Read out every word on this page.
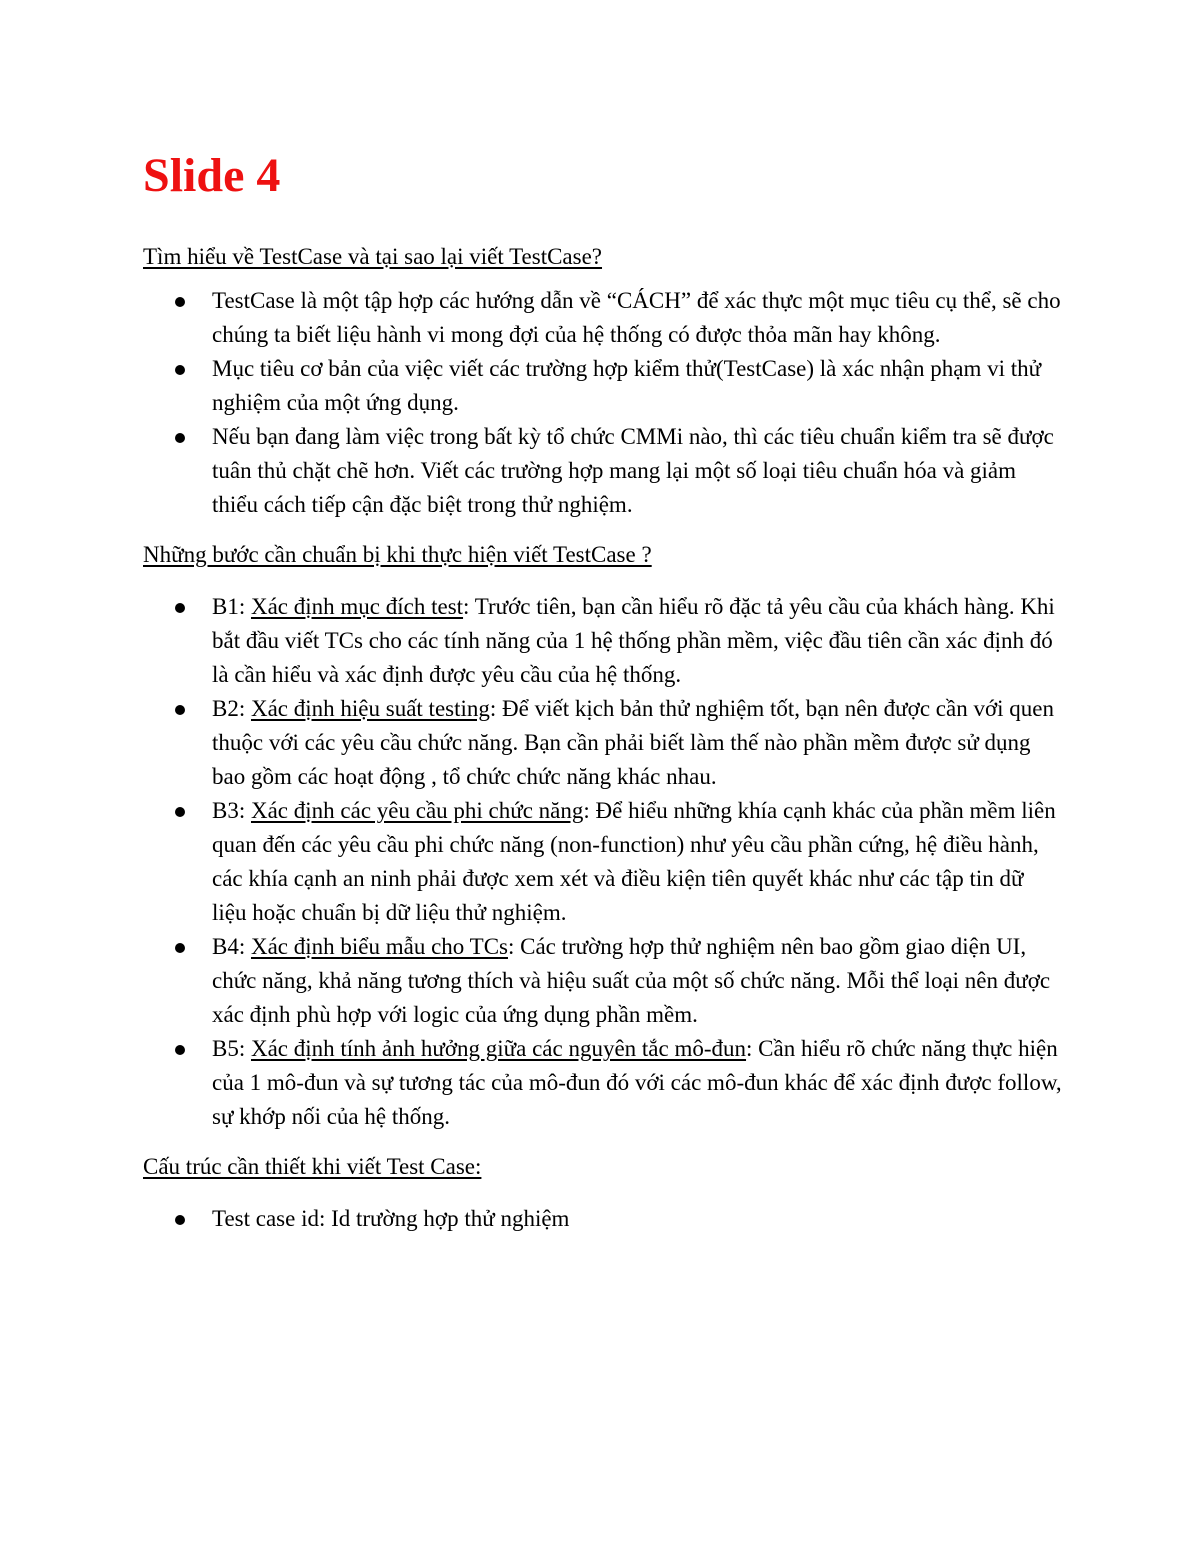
Slide 4

Tìm hiểu về TestCase và tại sao lại viết TestCase?

TestCase là một tập hợp các hướng dẫn về “CÁCH” để xác thực một mục tiêu cụ thể, sẽ cho chúng ta biết liệu hành vi mong đợi của hệ thống có được thỏa mãn hay không.
Mục tiêu cơ bản của việc viết các trường hợp kiểm thử(TestCase) là xác nhận phạm vi thử nghiệm của một ứng dụng.
Nếu bạn đang làm việc trong bất kỳ tổ chức CMMi nào, thì các tiêu chuẩn kiểm tra sẽ được tuân thủ chặt chẽ hơn. Viết các trường hợp mang lại một số loại tiêu chuẩn hóa và giảm thiểu cách tiếp cận đặc biệt trong thử nghiệm.

Những bước cần chuẩn bị khi thực hiện viết TestCase ?

B1: Xác định mục đích test: Trước tiên, bạn cần hiểu rõ đặc tả yêu cầu của khách hàng. Khi bắt đầu viết TCs cho các tính năng của 1 hệ thống phần mềm, việc đầu tiên cần xác định đó là cần hiểu và xác định được yêu cầu của hệ thống.
B2: Xác định hiệu suất testing: Để viết kịch bản thử nghiệm tốt, bạn nên được cần với quen thuộc với các yêu cầu chức năng. Bạn cần phải biết làm thế nào phần mềm được sử dụng bao gồm các hoạt động , tổ chức chức năng khác nhau.
B3: Xác định các yêu cầu phi chức năng: Để hiểu những khía cạnh khác của phần mềm liên quan đến các yêu cầu phi chức năng (non-function) như yêu cầu phần cứng, hệ điều hành, các khía cạnh an ninh phải được xem xét và điều kiện tiên quyết khác như các tập tin dữ liệu hoặc chuẩn bị dữ liệu thử nghiệm.
B4: Xác định biểu mẫu cho TCs: Các trường hợp thử nghiệm nên bao gồm giao diện UI, chức năng, khả năng tương thích và hiệu suất của một số chức năng. Mỗi thể loại nên được xác định phù hợp với logic của ứng dụng phần mềm.
B5: Xác định tính ảnh hưởng giữa các nguyên tắc mô-đun: Cần hiểu rõ chức năng thực hiện của 1 mô-đun và sự tương tác của mô-đun đó với các mô-đun khác để xác định được follow, sự khớp nối của hệ thống.

Cấu trúc cần thiết khi viết Test Case:

Test case id: Id trường hợp thử nghiệm
